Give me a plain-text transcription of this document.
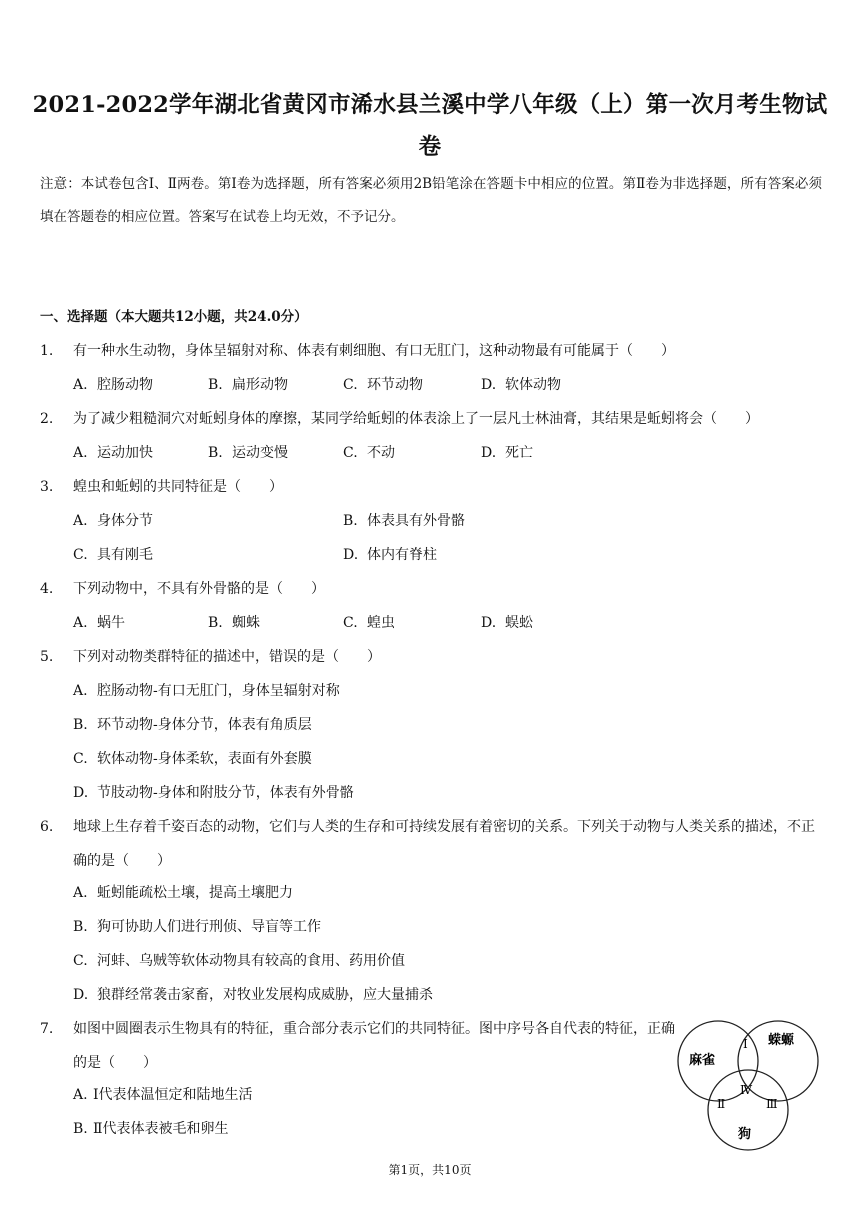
2021-2022学年湖北省黄冈市浠水县兰溪中学八年级（上）第一次月考生物试卷
注意：本试卷包含Ⅰ、Ⅱ两卷。第Ⅰ卷为选择题，所有答案必须用2B铅笔涂在答题卡中相应的位置。第Ⅱ卷为非选择题，所有答案必须填在答题卷的相应位置。答案写在试卷上均无效，不予记分。
一、选择题（本大题共12小题，共24.0分）
1.	有一种水生动物，身体呈辐射对称、体表有刺细胞、有口无肛门，这种动物最有可能属于（　　）
A. 腔肠动物	B. 扁形动物	C. 环节动物	D. 软体动物
2.	为了减少粗糙洞穴对蚯蚓身体的摩擦，某同学给蚯蚓的体表涂上了一层凡士林油膏，其结果是蚯蚓将会（　　）
A. 运动加快	B. 运动变慢	C. 不动	D. 死亡
3.	蝗虫和蚯蚓的共同特征是（　　）
A. 身体分节	B. 体表具有外骨骼
C. 具有刚毛	D. 体内有脊柱
4.	下列动物中，不具有外骨骼的是（　　）
A. 蜗牛	B. 蜘蛛	C. 蝗虫	D. 蜈蚣
5.	下列对动物类群特征的描述中，错误的是（　　）
A. 腔肠动物-有口无肛门，身体呈辐射对称
B. 环节动物-身体分节，体表有角质层
C. 软体动物-身体柔软，表面有外套膜
D. 节肢动物-身体和附肢分节，体表有外骨骼
6.	地球上生存着千姿百态的动物，它们与人类的生存和可持续发展有着密切的关系。下列关于动物与人类关系的描述，不正确的是（　　）
A. 蚯蚓能疏松土壤，提高土壤肥力
B. 狗可协助人们进行刑侦、导盲等工作
C. 河蚌、乌贼等软体动物具有较高的食用、药用价值
D. 狼群经常袭击家畜，对牧业发展构成威胁，应大量捕杀
7.	如图中圆圈表示生物具有的特征，重合部分表示它们的共同特征。图中序号各自代表的特征，正确的是（　　）
A. Ⅰ代表体温恒定和陆地生活
B. Ⅱ代表体表被毛和卵生
麻雀
蝾螈
狗
Ⅰ
Ⅱ	Ⅲ
Ⅳ
第1页，共10页
